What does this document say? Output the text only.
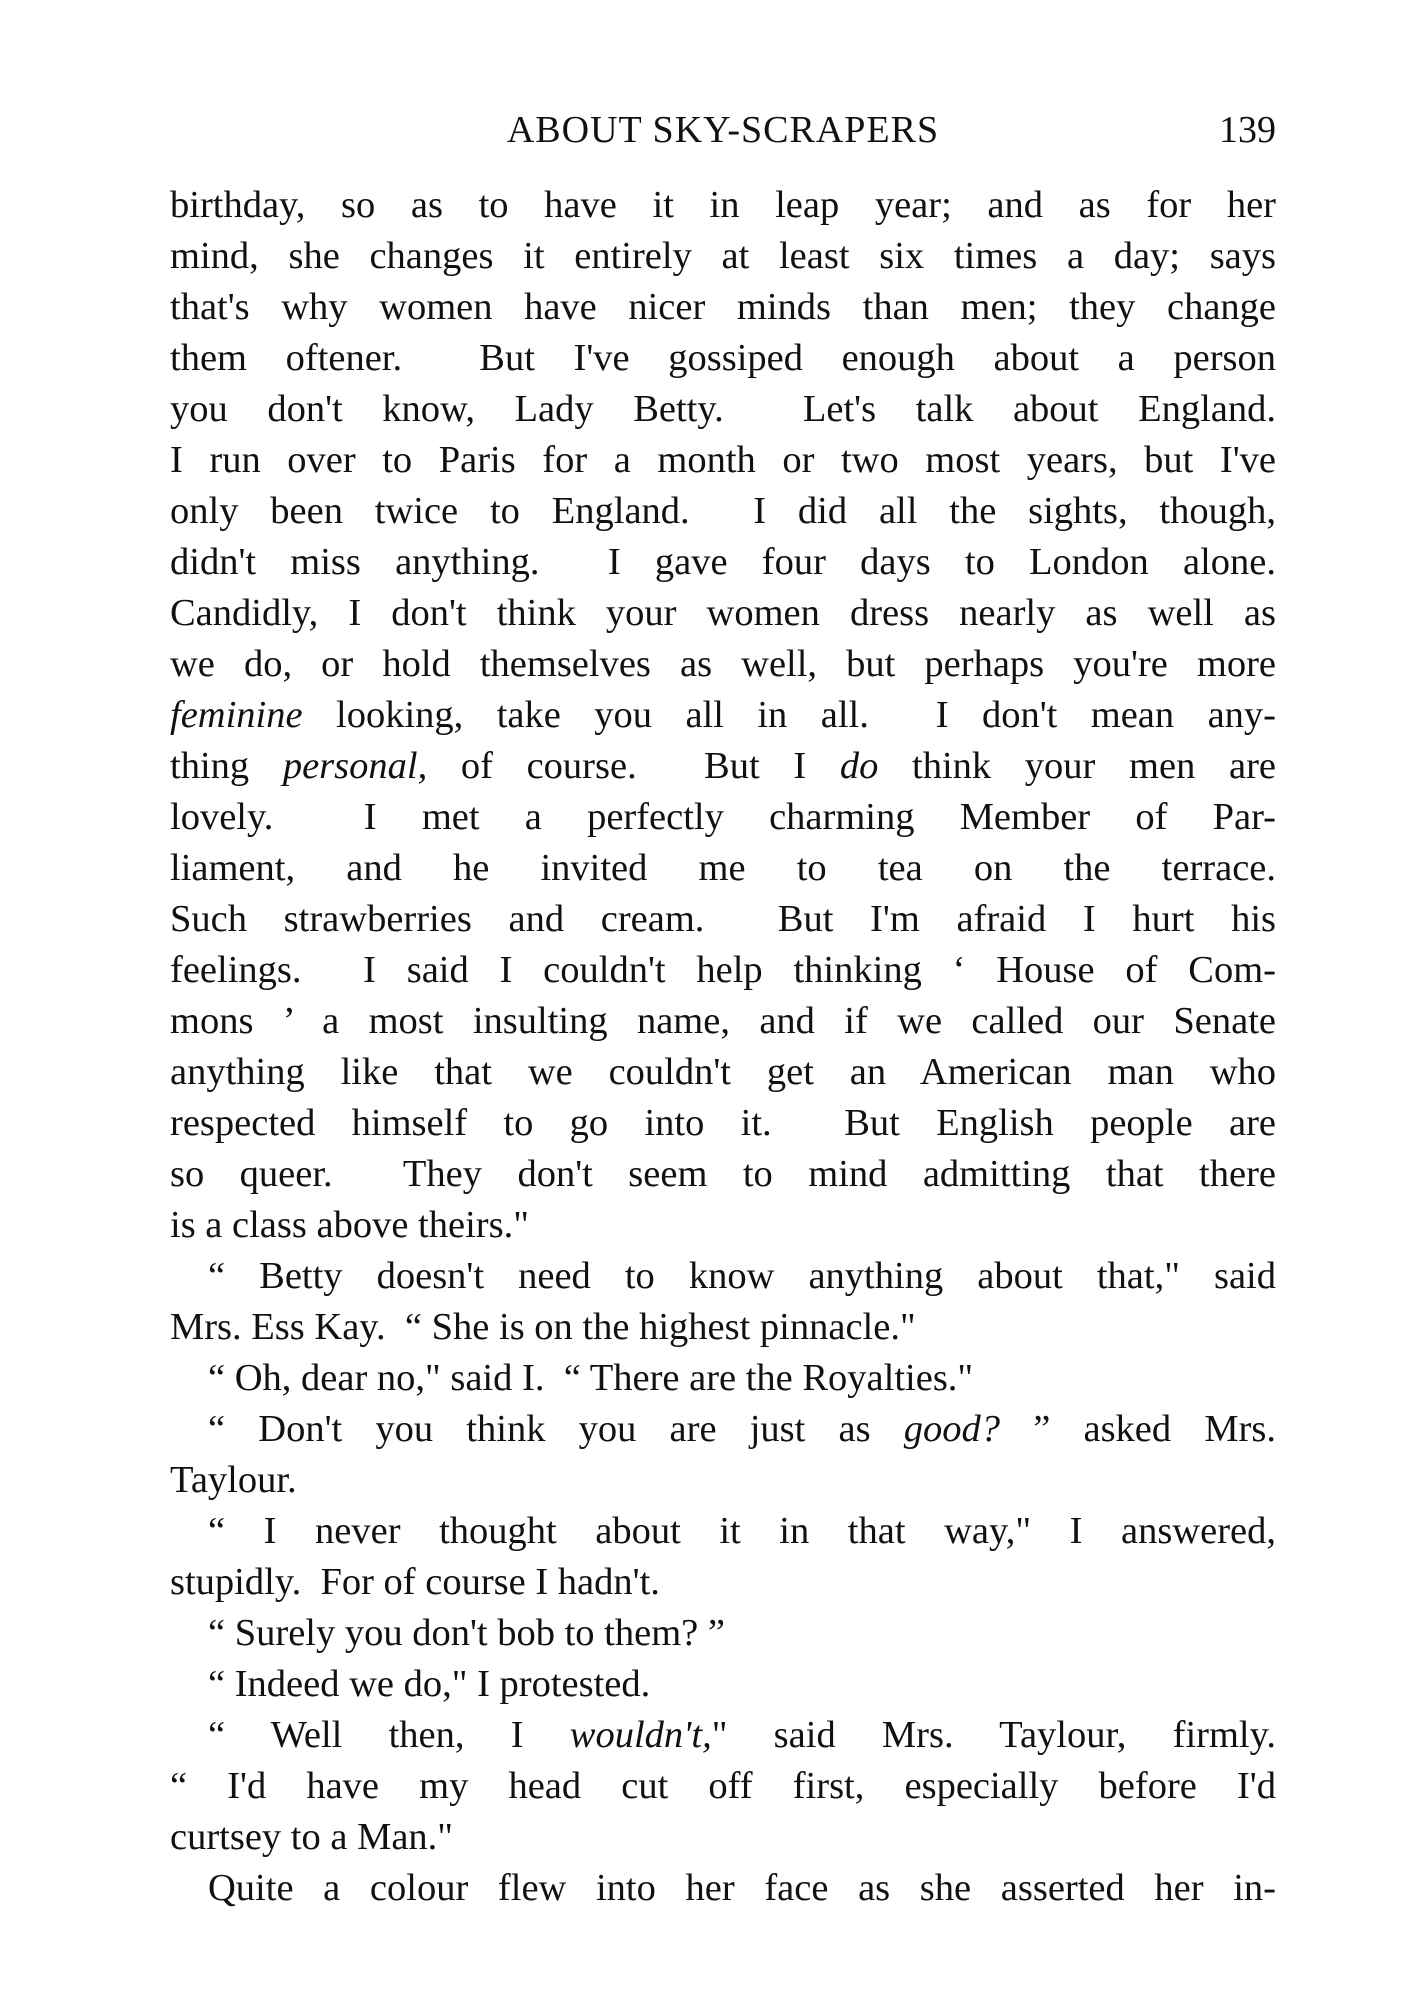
ABOUT SKY-SCRAPERS	139
birthday, so as to have it in leap year; and as for her
mind, she changes it entirely at least six times a day; says
that's why women have nicer minds than men; they change
them oftener.  But I've gossiped enough about a person
you don't know, Lady Betty.  Let's talk about England.
I run over to Paris for a month or two most years, but I've
only been twice to England.  I did all the sights, though,
didn't miss anything.  I gave four days to London alone.
Candidly, I don't think your women dress nearly as well as
we do, or hold themselves as well, but perhaps you're more
feminine looking, take you all in all.  I don't mean any-
thing personal, of course.  But I do think your men are
lovely.  I met a perfectly charming Member of Par-
liament, and he invited me to tea on the terrace.
Such strawberries and cream.  But I'm afraid I hurt his
feelings.  I said I couldn't help thinking ‘ House of Com-
mons ’ a most insulting name, and if we called our Senate
anything like that we couldn't get an American man who
respected himself to go into it.  But English people are
so queer.  They don't seem to mind admitting that there
is a class above theirs."
“ Betty doesn't need to know anything about that," said
Mrs. Ess Kay.  “ She is on the highest pinnacle."
“ Oh, dear no," said I.  “ There are the Royalties."
“ Don't you think you are just as good? ” asked Mrs.
Taylour.
“ I never thought about it in that way," I answered,
stupidly.  For of course I hadn't.
“ Surely you don't bob to them? ”
“ Indeed we do," I protested.
“ Well then, I wouldn't," said Mrs. Taylour, firmly.
“ I'd have my head cut off first, especially before I'd
curtsey to a Man."
Quite a colour flew into her face as she asserted her in-
